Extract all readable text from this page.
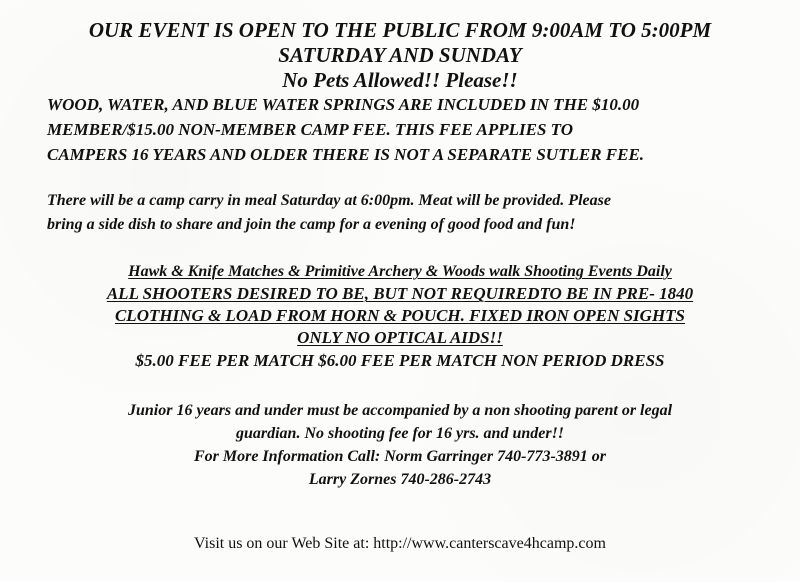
OUR EVENT IS OPEN TO THE PUBLIC FROM 9:00AM TO 5:00PM
SATURDAY AND SUNDAY
No Pets Allowed!! Please!!
WOOD, WATER, AND BLUE WATER SPRINGS ARE INCLUDED IN THE $10.00
MEMBER/$15.00 NON-MEMBER CAMP FEE. THIS FEE APPLIES TO
CAMPERS 16 YEARS AND OLDER THERE IS NOT A SEPARATE SUTLER FEE.
There will be a camp carry in meal Saturday at 6:00pm. Meat will be provided. Please
bring a side dish to share and join the camp for a evening of good food and fun!
Hawk & Knife Matches & Primitive Archery & Woods walk Shooting Events Daily
ALL SHOOTERS DESIRED TO BE, BUT NOT REQUIREDTO BE IN PRE- 1840
CLOTHING & LOAD FROM HORN & POUCH. FIXED IRON OPEN SIGHTS
ONLY NO OPTICAL AIDS!!
$5.00 FEE PER MATCH $6.00 FEE PER MATCH NON PERIOD DRESS
Junior 16 years and under must be accompanied by a non shooting parent or legal
guardian. No shooting fee for 16 yrs. and under!!
For More Information Call: Norm Garringer 740-773-3891 or
Larry Zornes 740-286-2743
Visit us on our Web Site at: http://www.canterscave4hcamp.com
